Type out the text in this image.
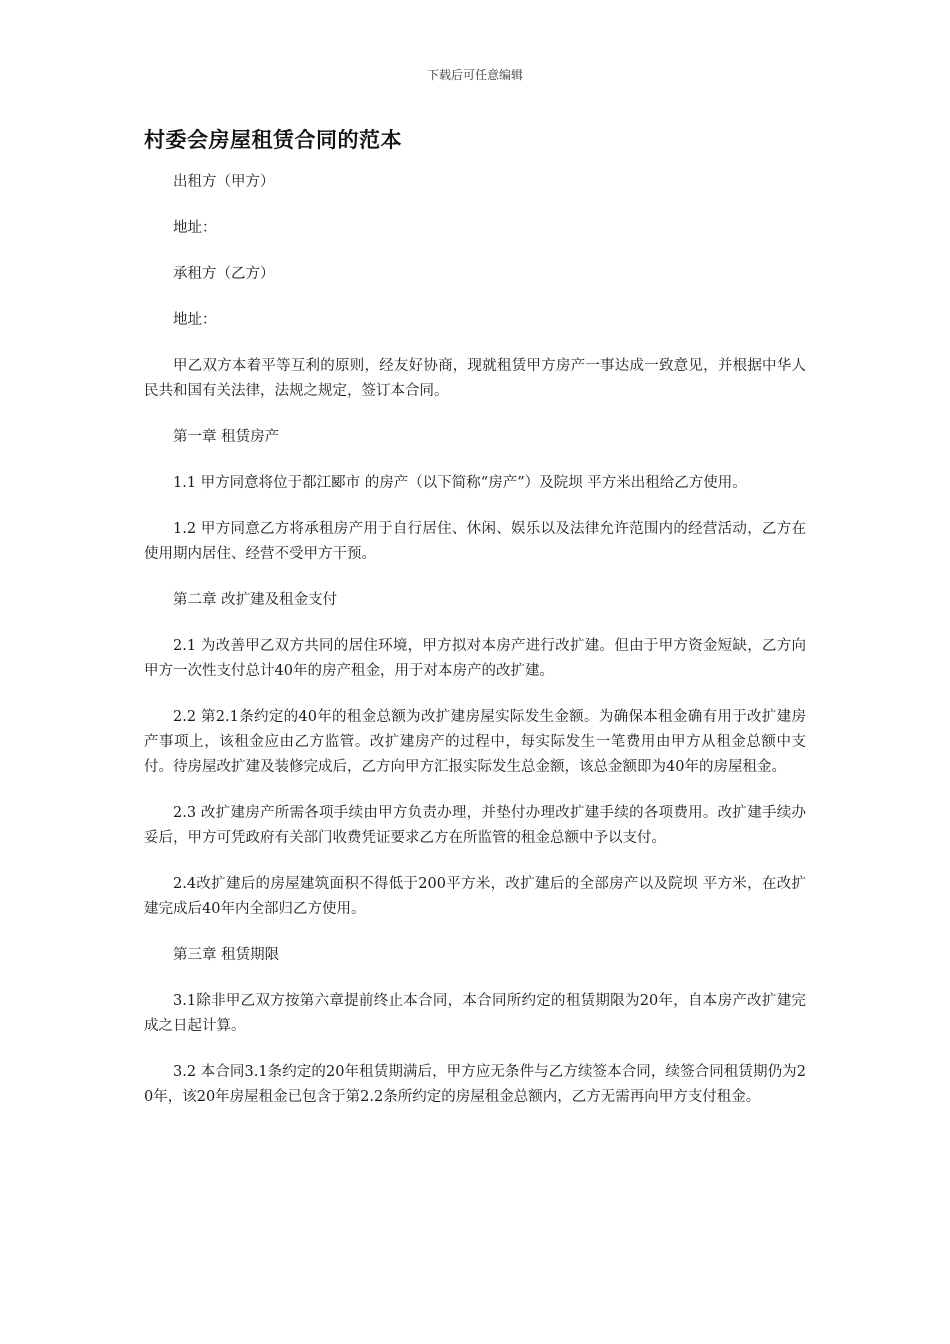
下载后可任意编辑
村委会房屋租赁合同的范本

出租方（甲方）

地址：

承租方（乙方）

地址：

甲乙双方本着平等互利的原则，经友好协商，现就租赁甲方房产一事达成一致意见，并根据中华人民共和国有关法律，法规之规定，签订本合同。

第一章 租赁房产

1.1 甲方同意将位于都江郾市 的房产（以下简称“房产”）及院坝 平方米出租给乙方使用。

1.2 甲方同意乙方将承租房产用于自行居住、休闲、娱乐以及法律允许范围内的经营活动，乙方在使用期内居住、经营不受甲方干预。

第二章 改扩建及租金支付

2.1 为改善甲乙双方共同的居住环境，甲方拟对本房产进行改扩建。但由于甲方资金短缺，乙方向甲方一次性支付总计40年的房产租金，用于对本房产的改扩建。

2.2 第2.1条约定的40年的租金总额为改扩建房屋实际发生金额。为确保本租金确有用于改扩建房产事项上，该租金应由乙方监管。改扩建房产的过程中，每实际发生一笔费用由甲方从租金总额中支付。待房屋改扩建及装修完成后，乙方向甲方汇报实际发生总金额，该总金额即为40年的房屋租金。

2.3 改扩建房产所需各项手续由甲方负责办理，并垫付办理改扩建手续的各项费用。改扩建手续办妥后，甲方可凭政府有关部门收费凭证要求乙方在所监管的租金总额中予以支付。

2.4改扩建后的房屋建筑面积不得低于200平方米，改扩建后的全部房产以及院坝 平方米，在改扩建完成后40年内全部归乙方使用。

第三章 租赁期限

3.1除非甲乙双方按第六章提前终止本合同，本合同所约定的租赁期限为20年，自本房产改扩建完成之日起计算。

3.2 本合同3.1条约定的20年租赁期满后，甲方应无条件与乙方续签本合同，续签合同租赁期仍为20年，该20年房屋租金已包含于第2.2条所约定的房屋租金总额内，乙方无需再向甲方支付租金。
